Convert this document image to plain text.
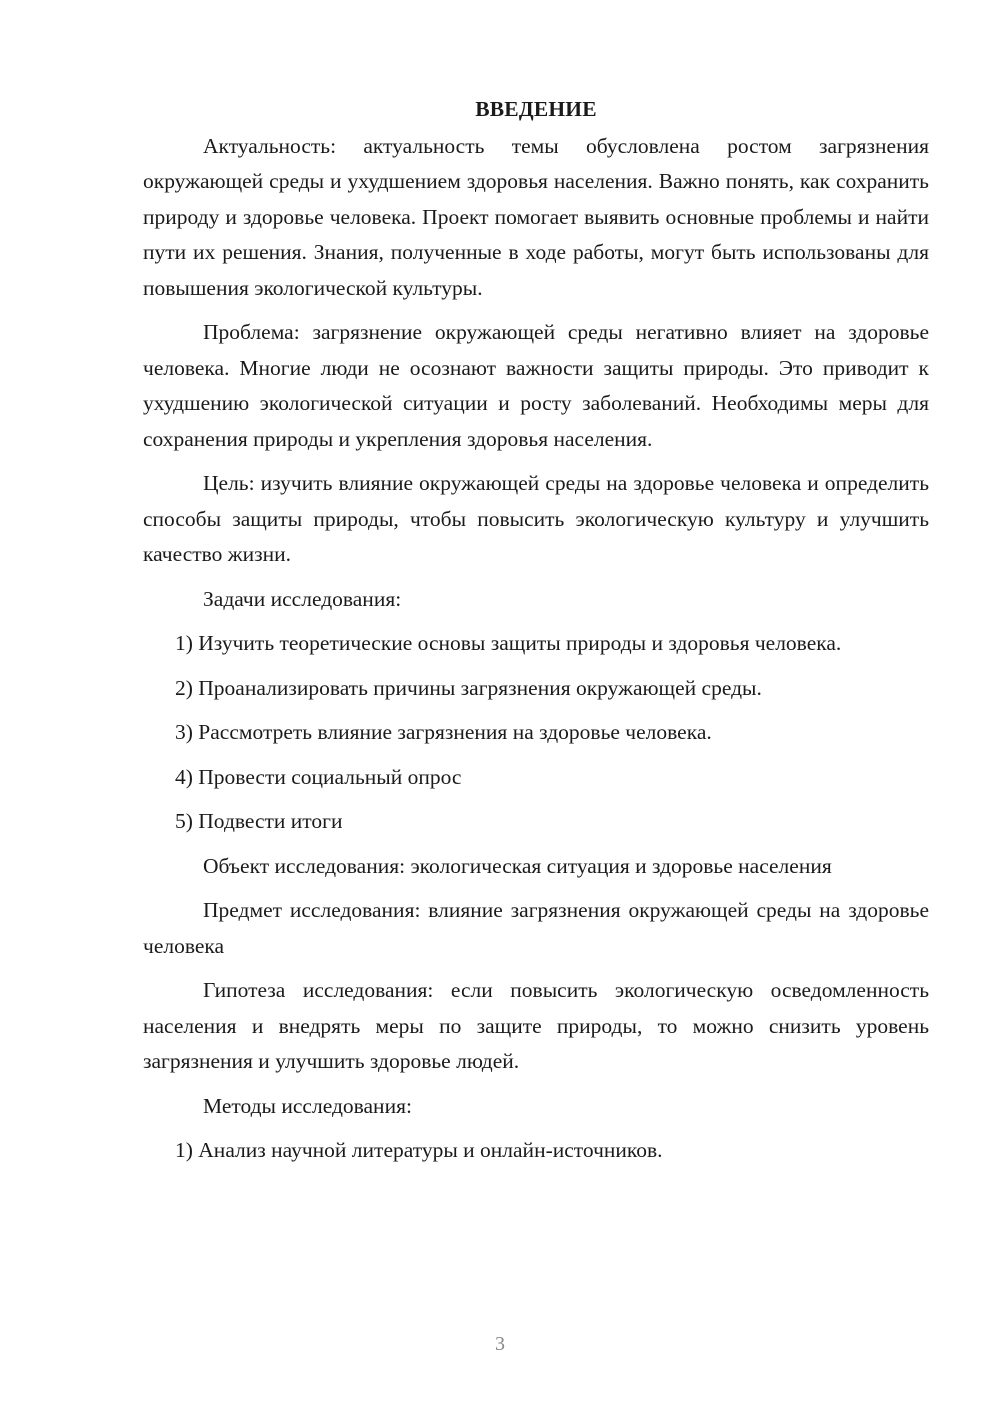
ВВЕДЕНИЕ

Актуальность: актуальность темы обусловлена ростом загрязнения окружающей среды и ухудшением здоровья населения. Важно понять, как сохранить природу и здоровье человека. Проект помогает выявить основные проблемы и найти пути их решения. Знания, полученные в ходе работы, могут быть использованы для повышения экологической культуры.

Проблема: загрязнение окружающей среды негативно влияет на здоровье человека. Многие люди не осознают важности защиты природы. Это приводит к ухудшению экологической ситуации и росту заболеваний. Необходимы меры для сохранения природы и укрепления здоровья населения.

Цель: изучить влияние окружающей среды на здоровье человека и определить способы защиты природы, чтобы повысить экологическую культуру и улучшить качество жизни.

Задачи исследования:

1) Изучить теоретические основы защиты природы и здоровья человека.
2) Проанализировать причины загрязнения окружающей среды.
3) Рассмотреть влияние загрязнения на здоровье человека.
4) Провести социальный опрос
5) Подвести итоги

Объект исследования: экологическая ситуация и здоровье населения

Предмет исследования: влияние загрязнения окружающей среды на здоровье человека

Гипотеза исследования: если повысить экологическую осведомленность населения и внедрять меры по защите природы, то можно снизить уровень загрязнения и улучшить здоровье людей.

Методы исследования:

1) Анализ научной литературы и онлайн-источников.
3
